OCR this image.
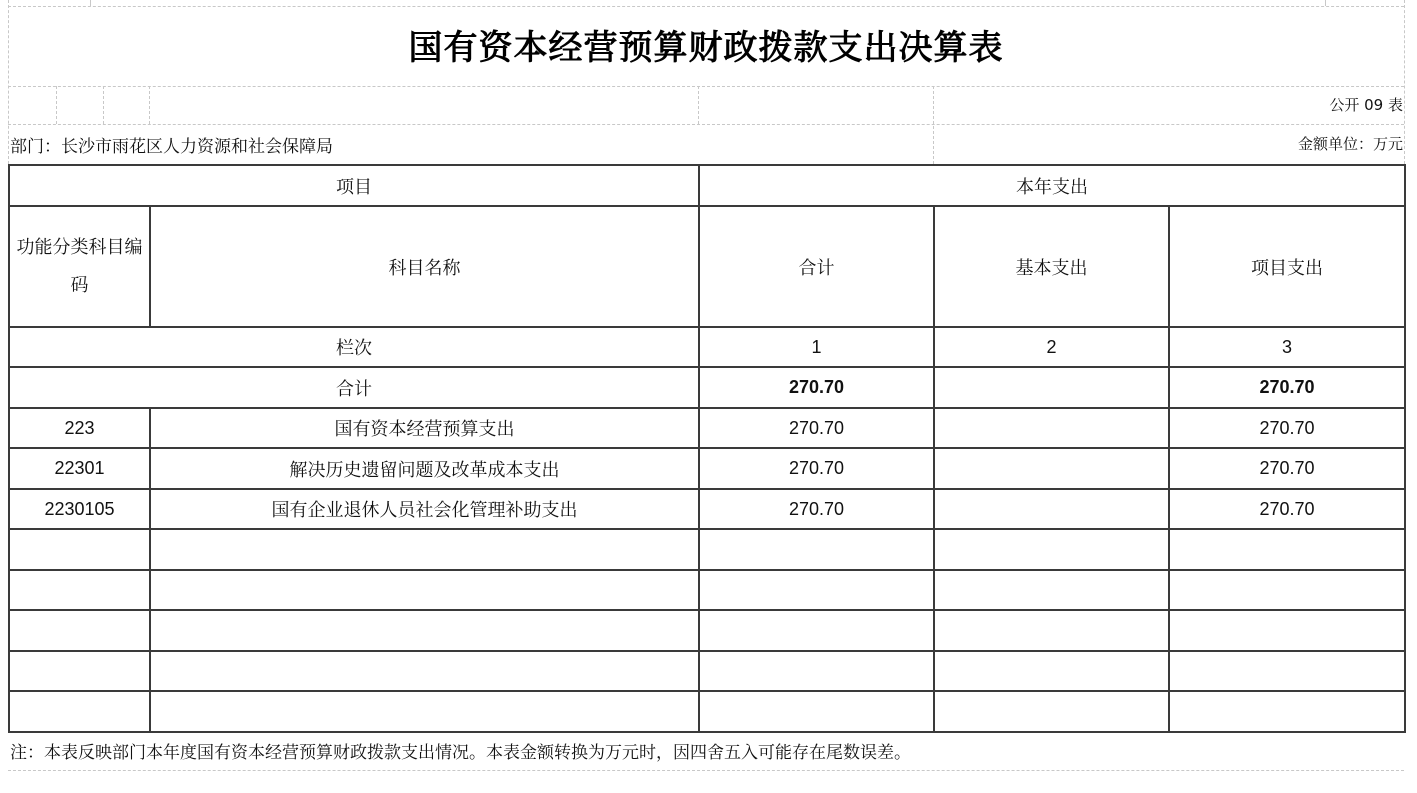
国有资本经营预算财政拨款支出决算表
公开 09 表
部门：长沙市雨花区人力资源和社会保障局	金额单位：万元
项目		本年支出		
功能分类科目编码	科目名称	合计	基本支出	项目支出
栏次		1	2	3
合计		270.70		270.70
223	国有资本经营预算支出	270.70		270.70
22301	解决历史遗留问题及改革成本支出	270.70		270.70
2230105	国有企业退休人员社会化管理补助支出	270.70		270.70

注：本表反映部门本年度国有资本经营预算财政拨款支出情况。本表金额转换为万元时，因四舍五入可能存在尾数误差。
